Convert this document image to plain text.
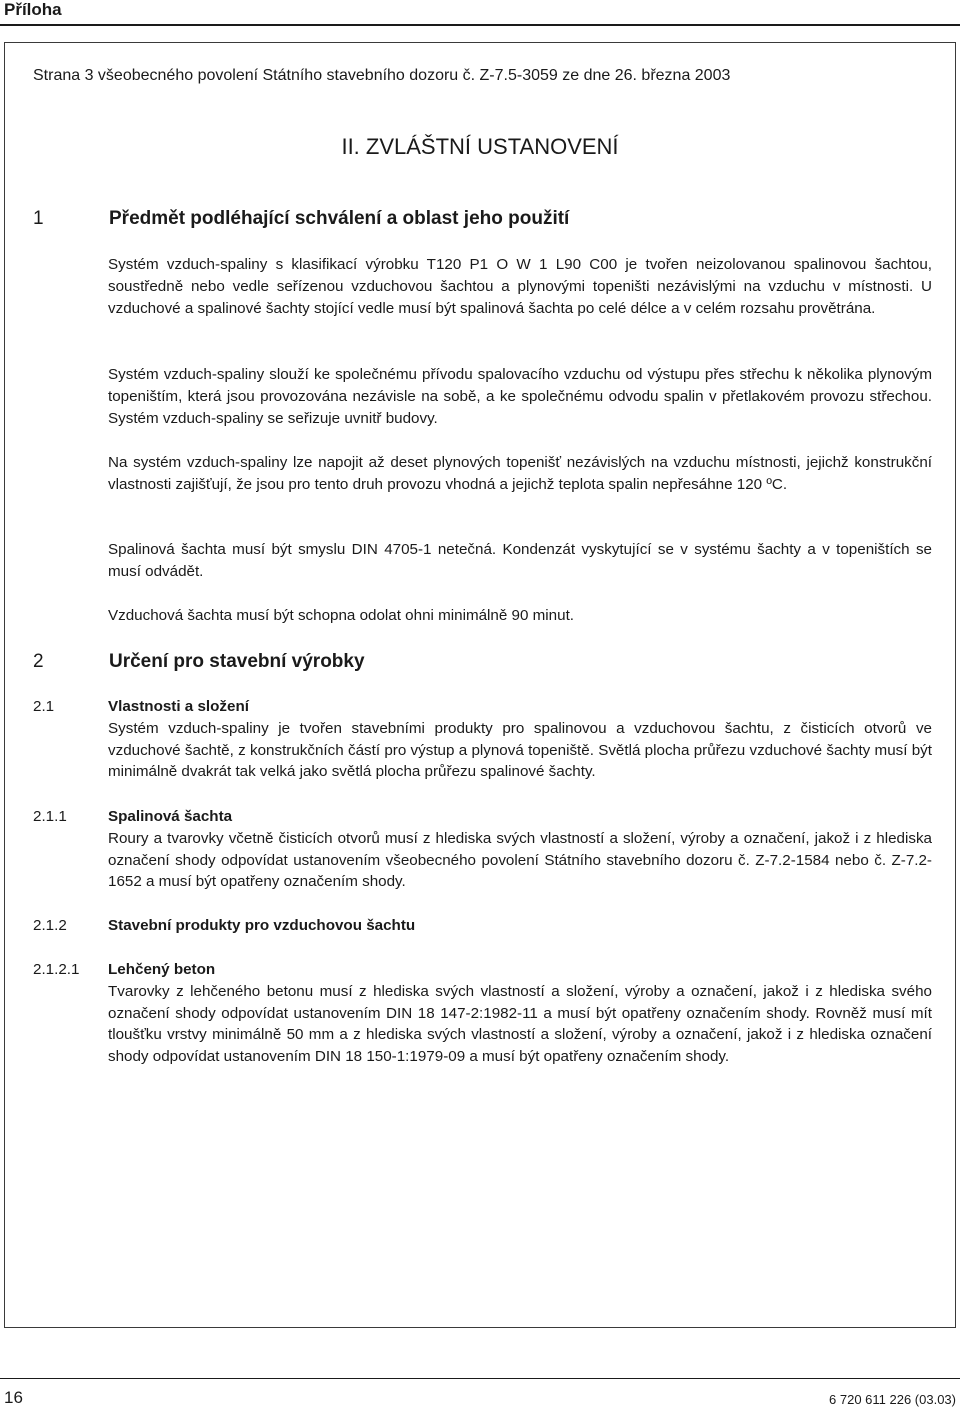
Příloha
Strana 3 všeobecného povolení Státního stavebního dozoru č. Z-7.5-3059 ze dne 26. března 2003
II. ZVLÁŠTNÍ USTANOVENÍ
1	Předmět podléhající schválení a oblast jeho použití
Systém vzduch-spaliny s klasifikací výrobku T120 P1 O W 1 L90 C00 je tvořen neizolovanou spalinovou šachtou, soustředně nebo vedle seřízenou vzduchovou šachtou a plynovými topeništi nezávislými na vzduchu v místnosti. U vzduchové a spalinové šachty stojící vedle musí být spalinová šachta po celé délce a v celém rozsahu provětrána.
Systém vzduch-spaliny slouží ke společnému přívodu spalovacího vzduchu od výstupu přes střechu k několika plynovým topeništím, která jsou provozována nezávisle na sobě, a ke společnému odvodu spalin v přetlakovém provozu střechou. Systém vzduch-spaliny se seřizuje uvnitř budovy.
Na systém vzduch-spaliny lze napojit až deset plynových topenišť nezávislých na vzduchu místnosti, jejichž konstrukční vlastnosti zajišťují, že jsou pro tento druh provozu vhodná a jejichž teplota spalin nepřesáhne 120 ºC.
Spalinová šachta musí být smyslu DIN 4705-1 netečná. Kondenzát vyskytující se v systému šachty a v topeništích se musí odvádět.
Vzduchová šachta musí být schopna odolat ohni minimálně 90 minut.
2	Určení pro stavební výrobky
2.1	Vlastnosti a složení
Systém vzduch-spaliny je tvořen stavebními produkty pro spalinovou a vzduchovou šachtu, z čisticích otvorů ve vzduchové šachtě, z konstrukčních částí pro výstup a plynová topeniště. Světlá plocha průřezu vzduchové šachty musí být minimálně dvakrát tak velká jako světlá plocha průřezu spalinové šachty.
2.1.1	Spalinová šachta
Roury a tvarovky včetně čisticích otvorů musí z hlediska svých vlastností a složení, výroby a označení, jakož i z hlediska označení shody odpovídat ustanovením všeobecného povolení Státního stavebního dozoru č. Z-7.2-1584 nebo č. Z-7.2-1652 a musí být opatřeny označením shody.
2.1.2	Stavební produkty pro vzduchovou šachtu
2.1.2.1 Lehčený beton
Tvarovky z lehčeného betonu musí z hlediska svých vlastností a složení, výroby a označení, jakož i z hlediska svého označení shody odpovídat ustanovením DIN 18 147-2:1982-11 a musí být opatřeny označením shody. Rovněž musí mít tloušťku vrstvy minimálně 50 mm a z hlediska svých vlastností a složení, výroby a označení, jakož i z hlediska označení shody odpovídat ustanovením DIN 18 150-1:1979-09 a musí být opatřeny označením shody.
16	6 720 611 226 (03.03)
